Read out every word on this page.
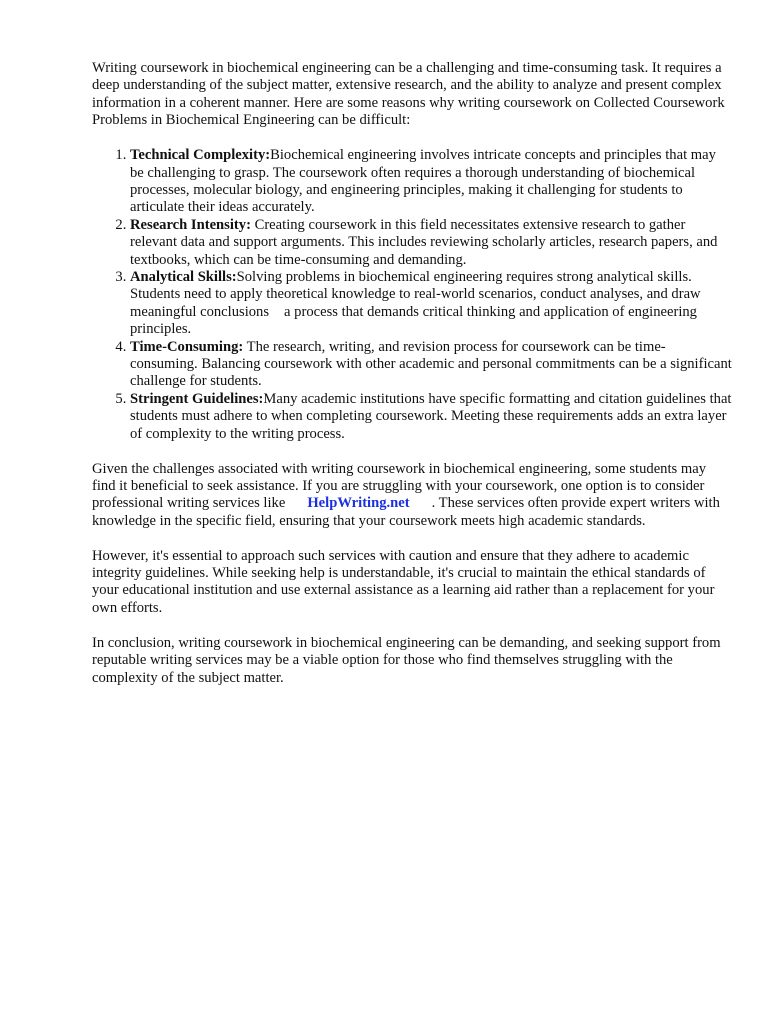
Writing coursework in biochemical engineering can be a challenging and time-consuming task. It requires a deep understanding of the subject matter, extensive research, and the ability to analyze and present complex information in a coherent manner. Here are some reasons why writing coursework on Collected Coursework Problems in Biochemical Engineering can be difficult:

1. Technical Complexity:Biochemical engineering involves intricate concepts and principles that may be challenging to grasp. The coursework often requires a thorough understanding of biochemical processes, molecular biology, and engineering principles, making it challenging for students to articulate their ideas accurately.
2. Research Intensity: Creating coursework in this field necessitates extensive research to gather relevant data and support arguments. This includes reviewing scholarly articles, research papers, and textbooks, which can be time-consuming and demanding.
3. Analytical Skills:Solving problems in biochemical engineering requires strong analytical skills. Students need to apply theoretical knowledge to real-world scenarios, conduct analyses, and draw meaningful conclusions a process that demands critical thinking and application of engineering principles.
4. Time-Consuming: The research, writing, and revision process for coursework can be time-consuming. Balancing coursework with other academic and personal commitments can be a significant challenge for students.
5. Stringent Guidelines:Many academic institutions have specific formatting and citation guidelines that students must adhere to when completing coursework. Meeting these requirements adds an extra layer of complexity to the writing process.

Given the challenges associated with writing coursework in biochemical engineering, some students may find it beneficial to seek assistance. If you are struggling with your coursework, one option is to consider professional writing services like HelpWriting.net . These services often provide expert writers with knowledge in the specific field, ensuring that your coursework meets high academic standards.

However, it's essential to approach such services with caution and ensure that they adhere to academic integrity guidelines. While seeking help is understandable, it's crucial to maintain the ethical standards of your educational institution and use external assistance as a learning aid rather than a replacement for your own efforts.

In conclusion, writing coursework in biochemical engineering can be demanding, and seeking support from reputable writing services may be a viable option for those who find themselves struggling with the complexity of the subject matter.
